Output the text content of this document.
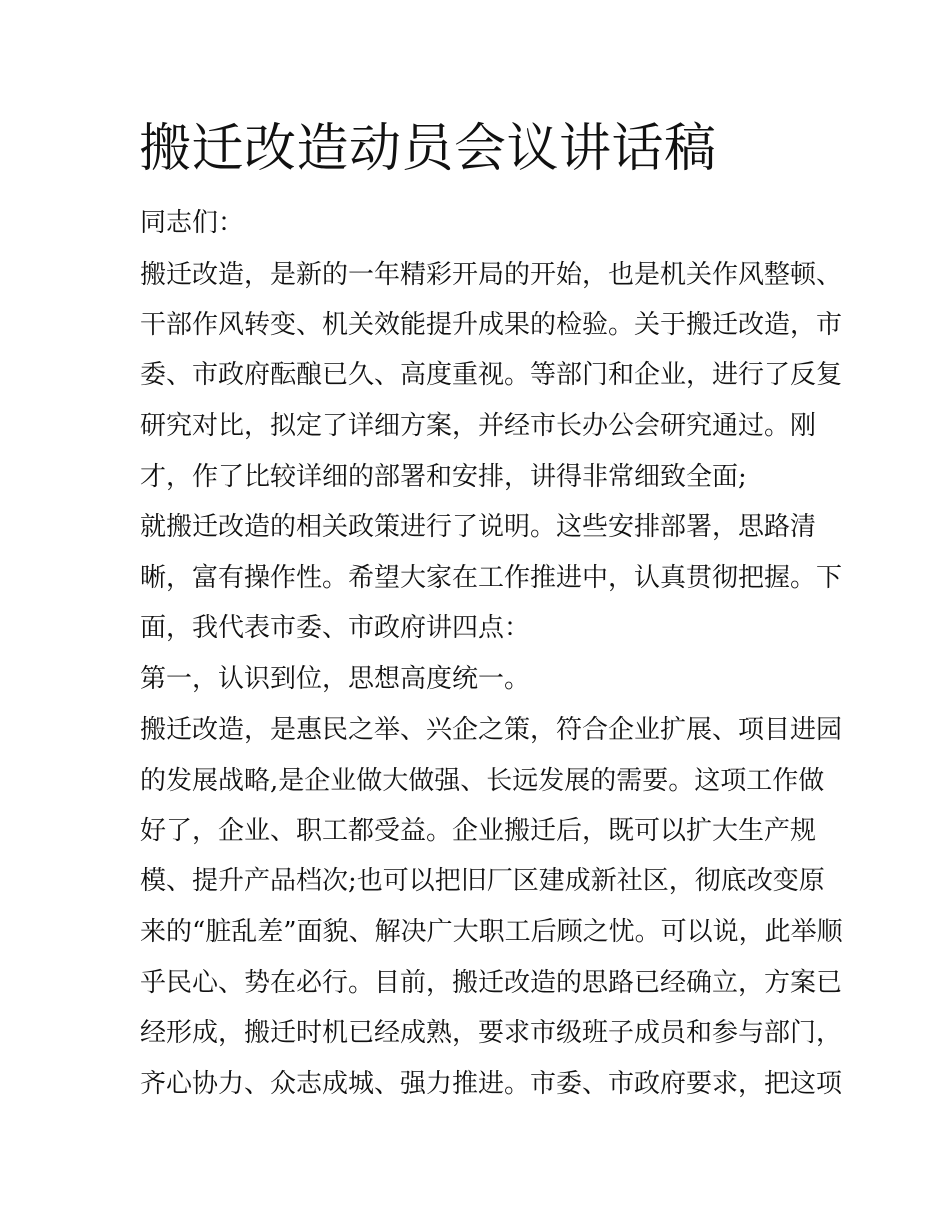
搬迁改造动员会议讲话稿

同志们：

搬迁改造，是新的一年精彩开局的开始，也是机关作风整顿、

干部作风转变、机关效能提升成果的检验。关于搬迁改造，市

委、市政府酝酿已久、高度重视。等部门和企业，进行了反复

研究对比，拟定了详细方案，并经市长办公会研究通过。刚

才，作了比较详细的部署和安排，讲得非常细致全面;

就搬迁改造的相关政策进行了说明。这些安排部署，思路清

晰，富有操作性。希望大家在工作推进中，认真贯彻把握。下

面，我代表市委、市政府讲四点：

第一，认识到位，思想高度统一。

搬迁改造，是惠民之举、兴企之策，符合企业扩展、项目进园

的发展战略,是企业做大做强、长远发展的需要。这项工作做

好了，企业、职工都受益。企业搬迁后，既可以扩大生产规

模、提升产品档次;也可以把旧厂区建成新社区，彻底改变原

来的“脏乱差”面貌、解决广大职工后顾之忧。可以说，此举顺

乎民心、势在必行。目前，搬迁改造的思路已经确立，方案已

经形成，搬迁时机已经成熟，要求市级班子成员和参与部门，

齐心协力、众志成城、强力推进。市委、市政府要求，把这项
